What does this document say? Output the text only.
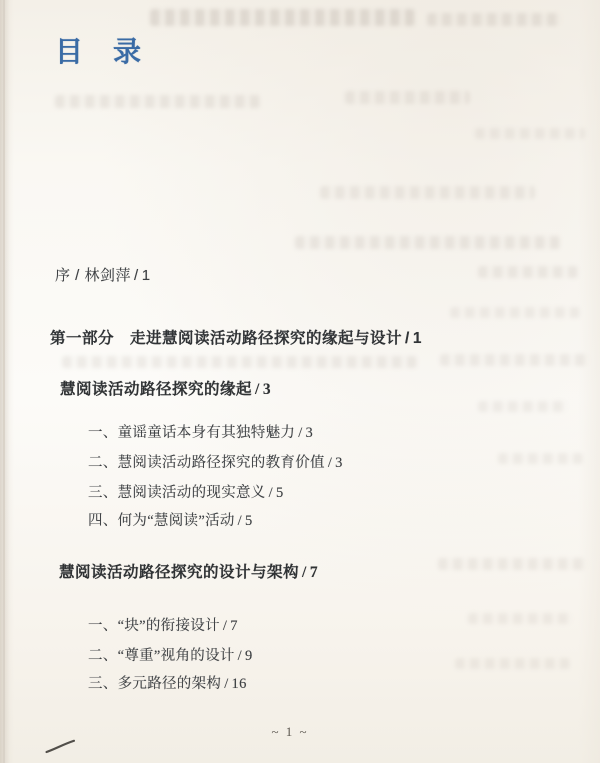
目　录
序 / 林剑萍 / 1
第一部分 走进慧阅读活动路径探究的缘起与设计 / 1
慧阅读活动路径探究的缘起 / 3
一、童谣童话本身有其独特魅力 / 3
二、慧阅读活动路径探究的教育价值 / 3
三、慧阅读活动的现实意义 / 5
四、何为“慧阅读”活动 / 5
慧阅读活动路径探究的设计与架构 / 7
一、“块”的衔接设计 / 7
二、“尊重”视角的设计 / 9
三、多元路径的架构 / 16
~ 1 ~
